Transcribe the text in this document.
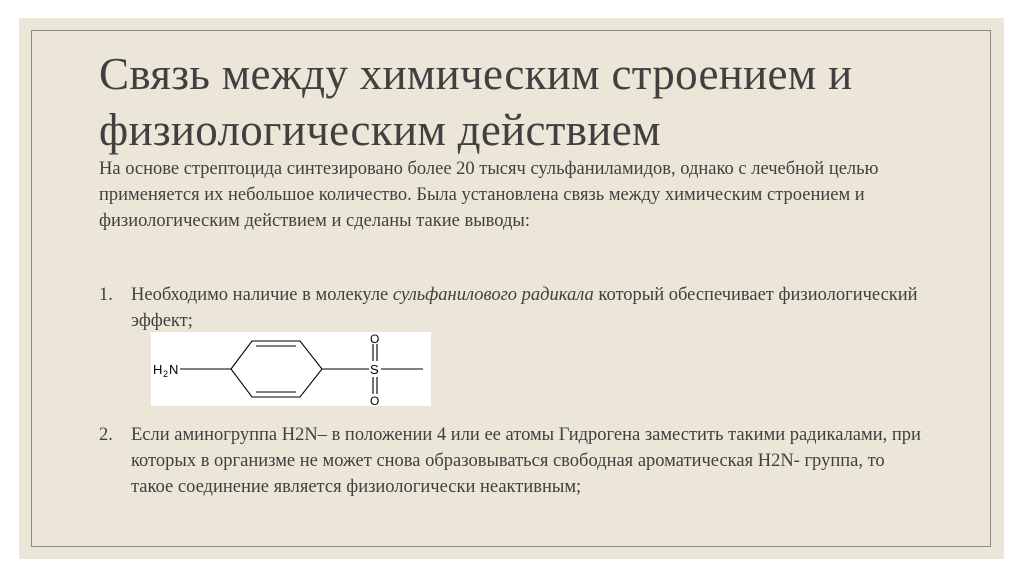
Связь между химическим строением и физиологическим действием

На основе стрептоцида синтезировано более 20 тысяч сульфаниламидов, однако с лечебной целью применяется их небольшое количество. Была установлена связь между химическим строением и физиологическим действием и сделаны такие выводы:

1. Необходимо наличие в молекуле сульфанилового радикала который обеспечивает физиологический эффект;
H 2 N	S
O
O
2. Если аминогруппа H2N– в положении 4 или ее атомы Гидрогена заместить такими радикалами, при которых в организме не может снова образовываться свободная ароматическая H2N- группа, то такое соединение является физиологически неактивным;
